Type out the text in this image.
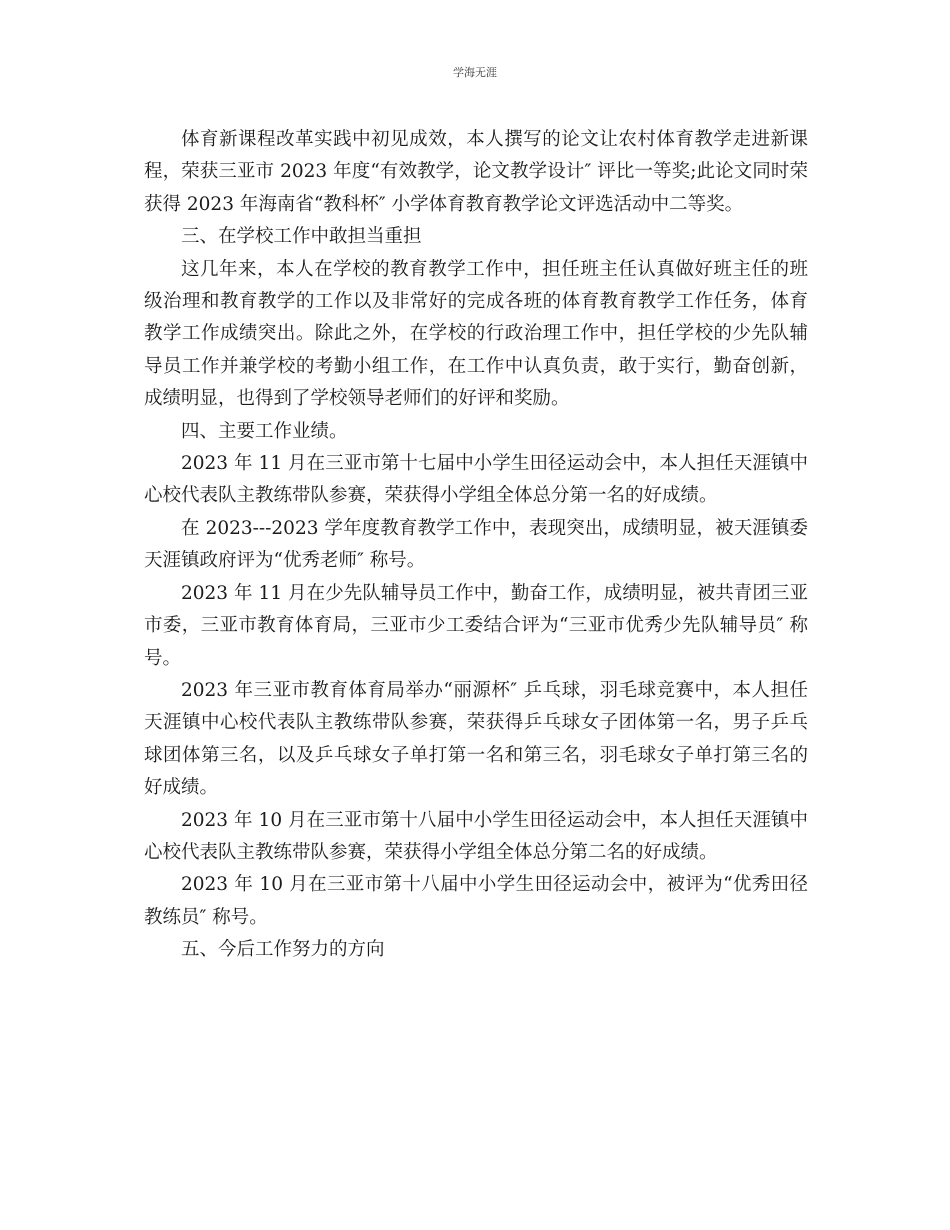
学海无涯

体育新课程改革实践中初见成效，本人撰写的论文让农村体育教学走进新课程，荣获三亚市 2023 年度“有效教学，论文教学设计″ 评比一等奖;此论文同时荣获得 2023 年海南省“教科杯″ 小学体育教育教学论文评选活动中二等奖。

三、在学校工作中敢担当重担

这几年来，本人在学校的教育教学工作中，担任班主任认真做好班主任的班级治理和教育教学的工作以及非常好的完成各班的体育教育教学工作任务，体育教学工作成绩突出。除此之外，在学校的行政治理工作中，担任学校的少先队辅导员工作并兼学校的考勤小组工作，在工作中认真负责，敢于实行，勤奋创新，成绩明显，也得到了学校领导老师们的好评和奖励。

四、主要工作业绩。

2023 年 11 月在三亚市第十七届中小学生田径运动会中，本人担任天涯镇中心校代表队主教练带队参赛，荣获得小学组全体总分第一名的好成绩。

在 2023---2023 学年度教育教学工作中，表现突出，成绩明显，被天涯镇委天涯镇政府评为“优秀老师″ 称号。

2023 年 11 月在少先队辅导员工作中，勤奋工作，成绩明显，被共青团三亚市委，三亚市教育体育局，三亚市少工委结合评为“三亚市优秀少先队辅导员″ 称号。

2023 年三亚市教育体育局举办“丽源杯″ 乒乓球，羽毛球竞赛中，本人担任天涯镇中心校代表队主教练带队参赛，荣获得乒乓球女子团体第一名，男子乒乓球团体第三名，以及乒乓球女子单打第一名和第三名，羽毛球女子单打第三名的好成绩。

2023 年 10 月在三亚市第十八届中小学生田径运动会中，本人担任天涯镇中心校代表队主教练带队参赛，荣获得小学组全体总分第二名的好成绩。

2023 年 10 月在三亚市第十八届中小学生田径运动会中，被评为“优秀田径教练员″ 称号。

五、今后工作努力的方向
